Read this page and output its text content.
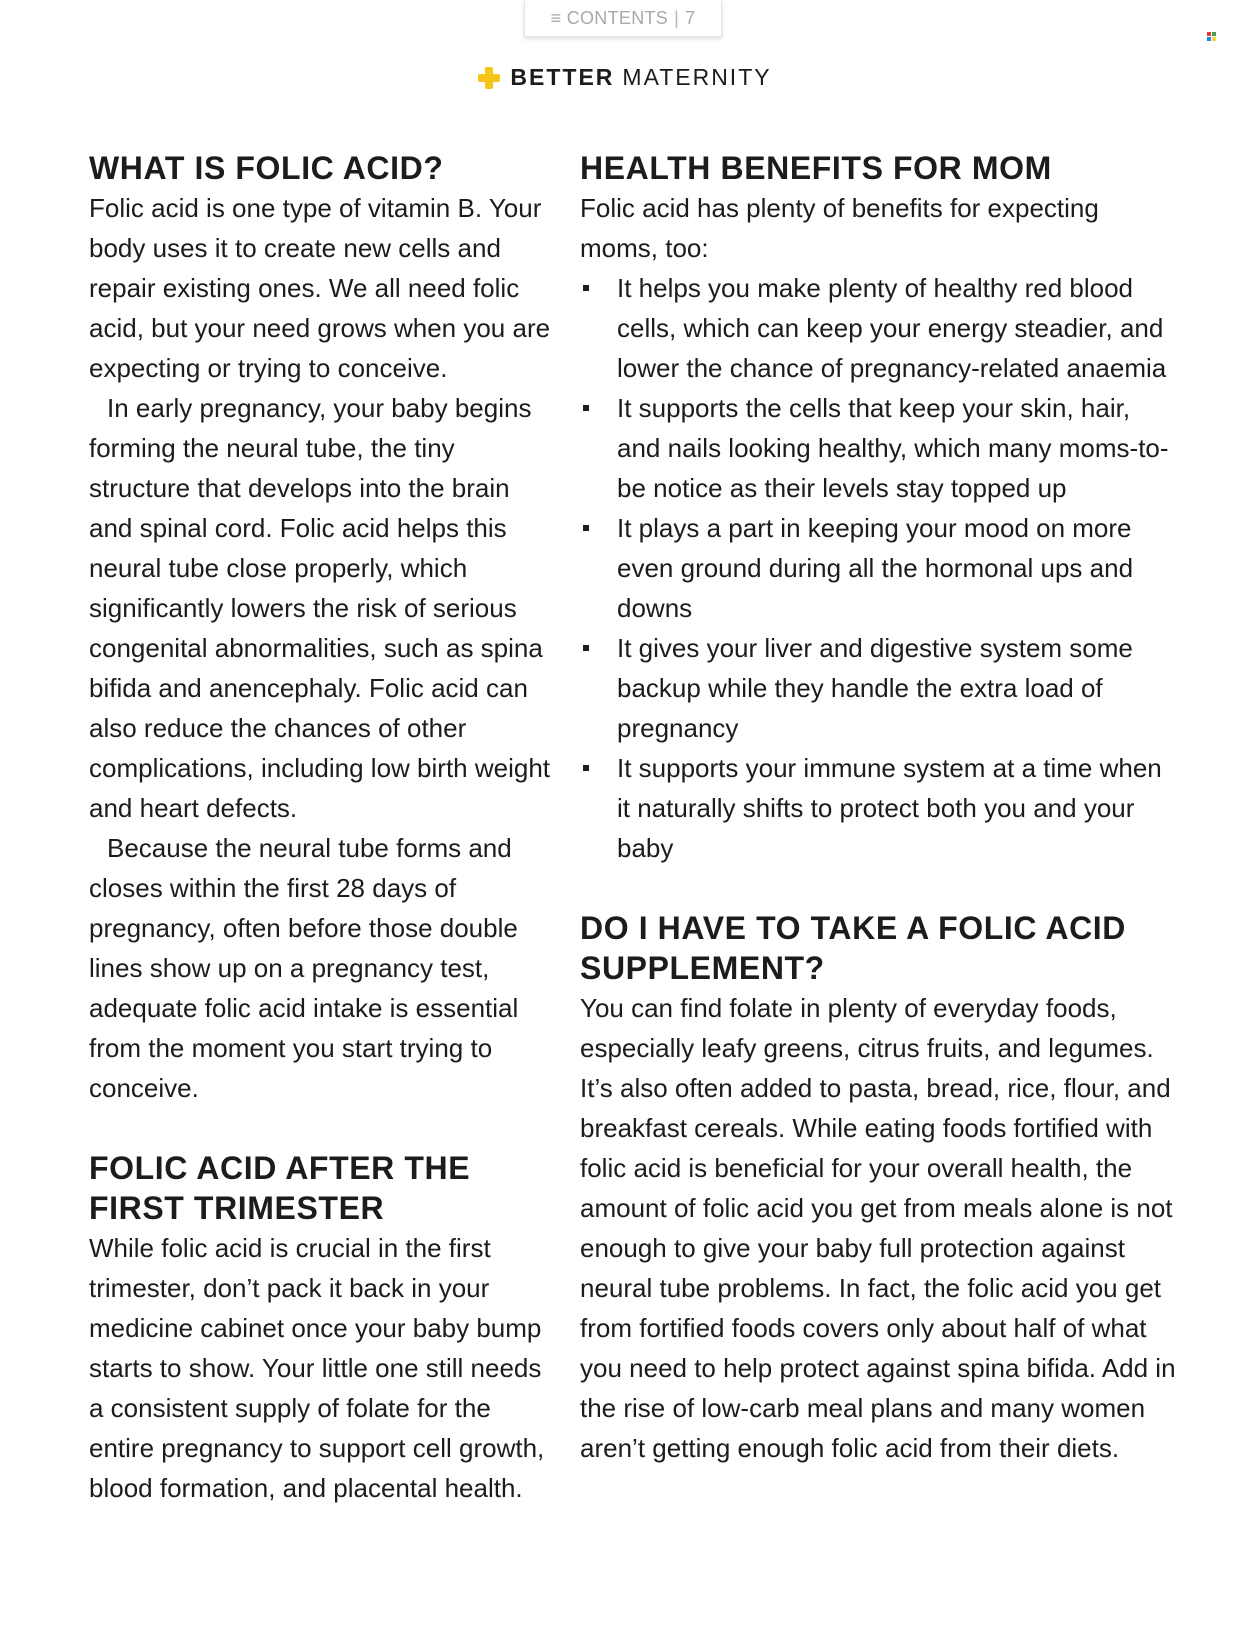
≡ CONTENTS | 7
BETTER MATERNITY
WHAT IS FOLIC ACID?

Folic acid is one type of vitamin B. Your body uses it to create new cells and repair existing ones. We all need folic acid, but your need grows when you are expecting or trying to conceive.

In early pregnancy, your baby begins forming the neural tube, the tiny structure that develops into the brain and spinal cord. Folic acid helps this neural tube close properly, which significantly lowers the risk of serious congenital abnormalities, such as spina bifida and anencephaly. Folic acid can also reduce the chances of other complications, including low birth weight and heart defects.

Because the neural tube forms and closes within the first 28 days of pregnancy, often before those double lines show up on a pregnancy test, adequate folic acid intake is essential from the moment you start trying to conceive.

FOLIC ACID AFTER THE FIRST TRIMESTER

While folic acid is crucial in the first trimester, don’t pack it back in your medicine cabinet once your baby bump starts to show. Your little one still needs a consistent supply of folate for the entire pregnancy to support cell growth, blood formation, and placental health.

HEALTH BENEFITS FOR MOM

Folic acid has plenty of benefits for expecting moms, too:

It helps you make plenty of healthy red blood cells, which can keep your energy steadier, and lower the chance of pregnancy-related anaemia
It supports the cells that keep your skin, hair, and nails looking healthy, which many moms-to-be notice as their levels stay topped up
It plays a part in keeping your mood on more even ground during all the hormonal ups and downs
It gives your liver and digestive system some backup while they handle the extra load of pregnancy
It supports your immune system at a time when it naturally shifts to protect both you and your baby
DO I HAVE TO TAKE A FOLIC ACID SUPPLEMENT?

You can find folate in plenty of everyday foods, especially leafy greens, citrus fruits, and legumes. It’s also often added to pasta, bread, rice, flour, and breakfast cereals. While eating foods fortified with folic acid is beneficial for your overall health, the amount of folic acid you get from meals alone is not enough to give your baby full protection against neural tube problems. In fact, the folic acid you get from fortified foods covers only about half of what you need to help protect against spina bifida. Add in the rise of low-carb meal plans and many women aren’t getting enough folic acid from their diets.
